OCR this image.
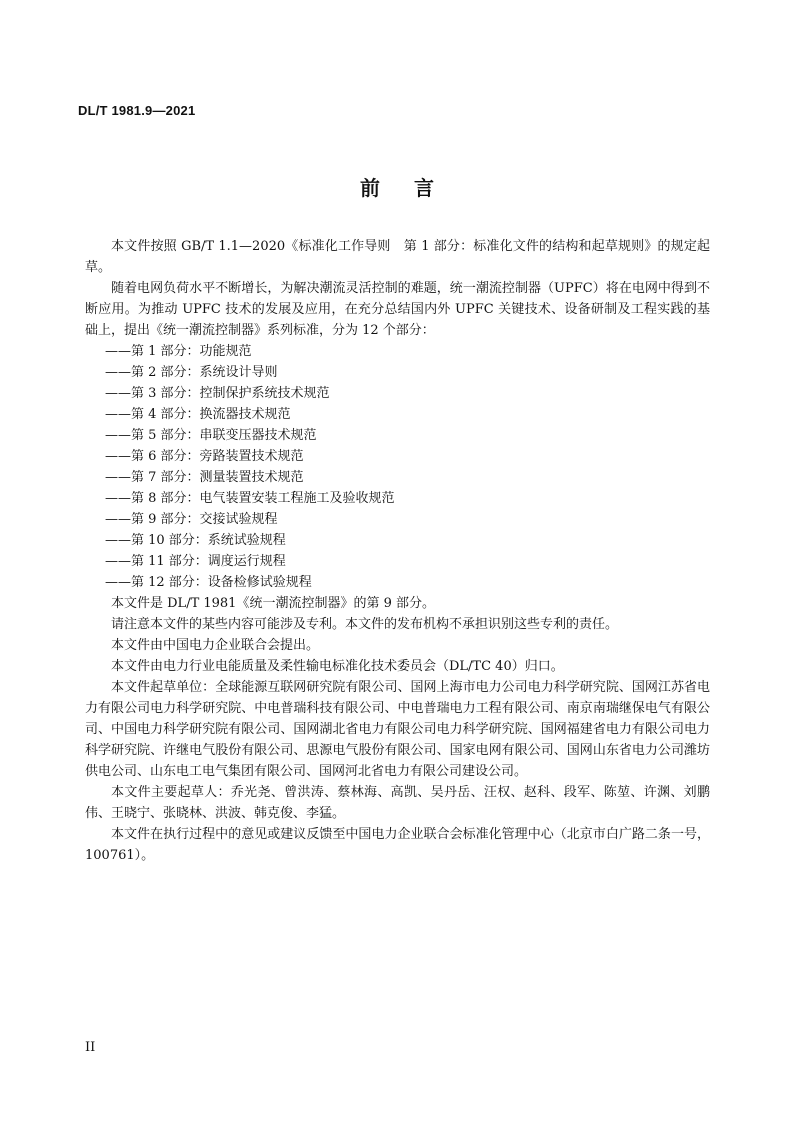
DL/T 1981.9—2021
前言

本文件按照 GB/T 1.1—2020《标准化工作导则　第 1 部分：标准化文件的结构和起草规则》的规定起草。

随着电网负荷水平不断增长，为解决潮流灵活控制的难题，统一潮流控制器（UPFC）将在电网中得到不断应用。为推动 UPFC 技术的发展及应用，在充分总结国内外 UPFC 关键技术、设备研制及工程实践的基础上，提出《统一潮流控制器》系列标准，分为 12 个部分：

——第 1 部分：功能规范
——第 2 部分：系统设计导则
——第 3 部分：控制保护系统技术规范
——第 4 部分：换流器技术规范
——第 5 部分：串联变压器技术规范
——第 6 部分：旁路装置技术规范
——第 7 部分：测量装置技术规范
——第 8 部分：电气装置安装工程施工及验收规范
——第 9 部分：交接试验规程
——第 10 部分：系统试验规程
——第 11 部分：调度运行规程
——第 12 部分：设备检修试验规程

本文件是 DL/T 1981《统一潮流控制器》的第 9 部分。

请注意本文件的某些内容可能涉及专利。本文件的发布机构不承担识别这些专利的责任。

本文件由中国电力企业联合会提出。

本文件由电力行业电能质量及柔性输电标准化技术委员会（DL/TC 40）归口。

本文件起草单位：全球能源互联网研究院有限公司、国网上海市电力公司电力科学研究院、国网江苏省电力有限公司电力科学研究院、中电普瑞科技有限公司、中电普瑞电力工程有限公司、南京南瑞继保电气有限公司、中国电力科学研究院有限公司、国网湖北省电力有限公司电力科学研究院、国网福建省电力有限公司电力科学研究院、许继电气股份有限公司、思源电气股份有限公司、国家电网有限公司、国网山东省电力公司潍坊供电公司、山东电工电气集团有限公司、国网河北省电力有限公司建设公司。

本文件主要起草人：乔光尧、曾洪涛、蔡林海、高凯、吴丹岳、汪权、赵科、段军、陈堃、许渊、刘鹏伟、王晓宁、张晓林、洪波、韩克俊、李猛。

本文件在执行过程中的意见或建议反馈至中国电力企业联合会标准化管理中心（北京市白广路二条一号，100761）。

II
